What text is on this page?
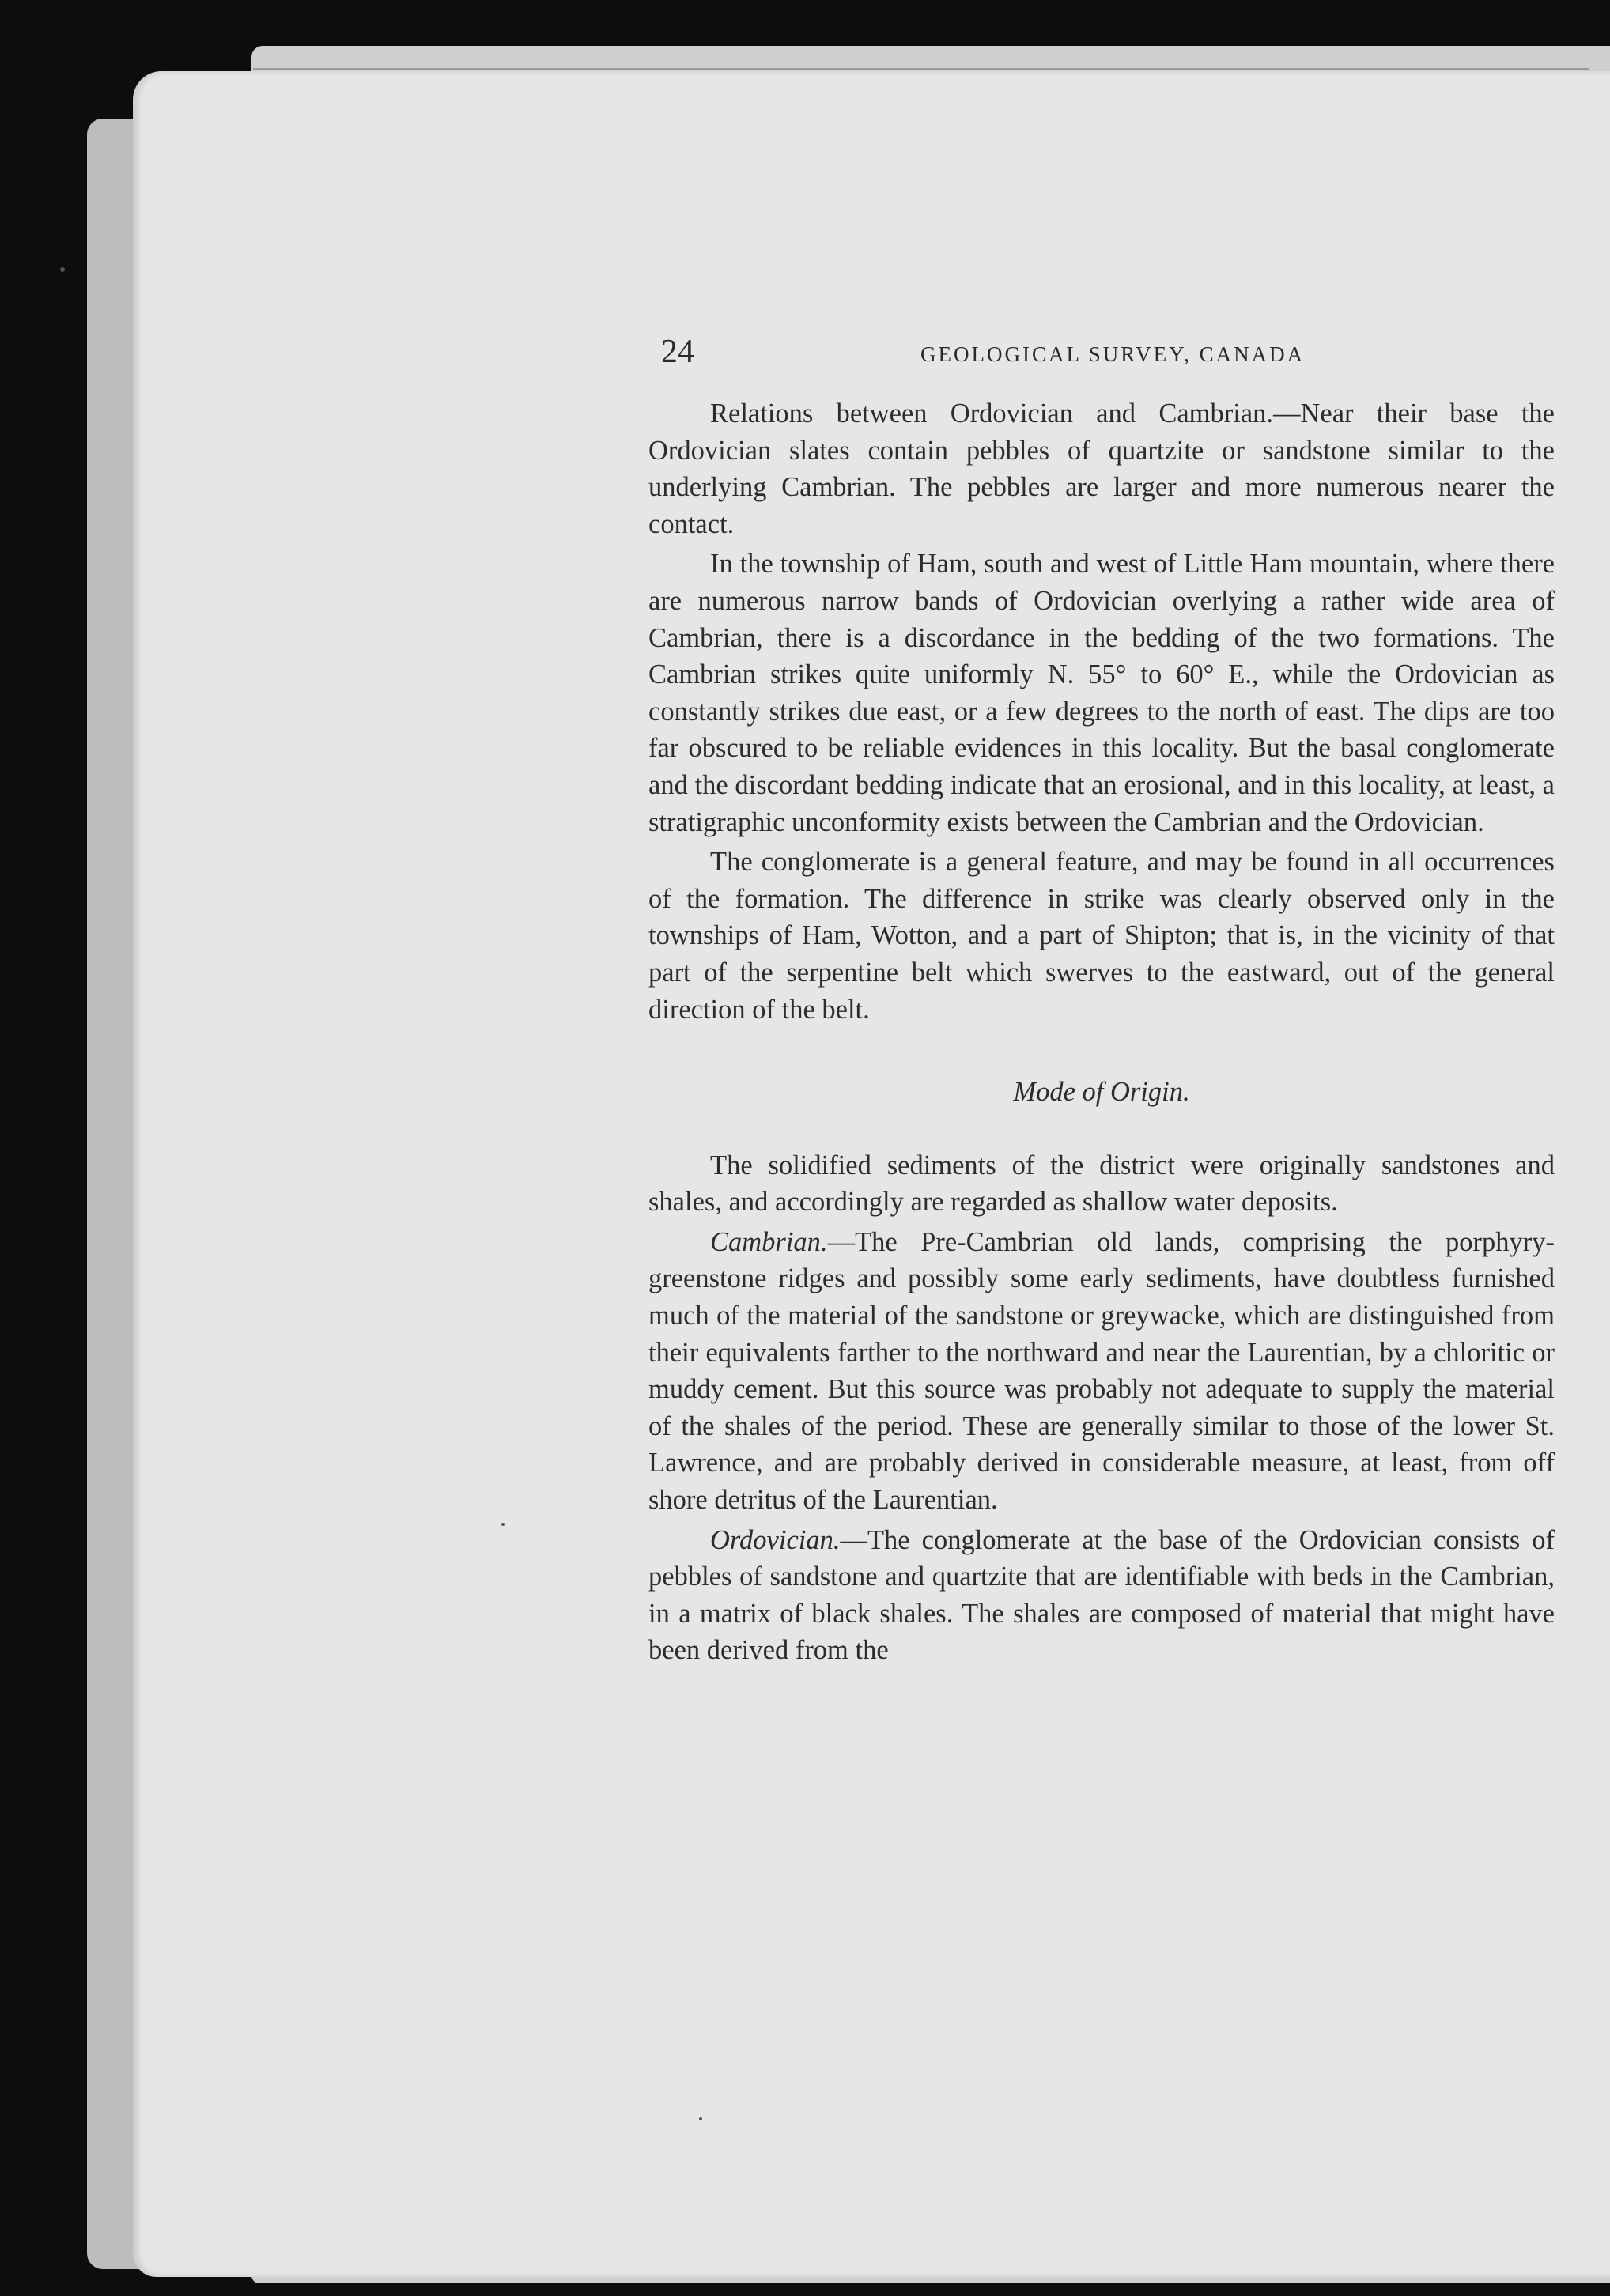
24	GEOLOGICAL SURVEY, CANADA

Relations between Ordovician and Cambrian.—Near their base the Ordovician slates contain pebbles of quartzite or sandstone similar to the underlying Cambrian. The pebbles are larger and more numerous nearer the contact.

In the township of Ham, south and west of Little Ham mountain, where there are numerous narrow bands of Ordovician overlying a rather wide area of Cambrian, there is a discordance in the bedding of the two formations. The Cambrian strikes quite uniformly N. 55° to 60° E., while the Ordovician as constantly strikes due east, or a few degrees to the north of east. The dips are too far obscured to be reliable evidences in this locality. But the basal conglomerate and the discordant bedding indicate that an erosional, and in this locality, at least, a stratigraphic unconformity exists between the Cambrian and the Ordovician.

The conglomerate is a general feature, and may be found in all occurrences of the formation. The difference in strike was clearly observed only in the townships of Ham, Wotton, and a part of Shipton; that is, in the vicinity of that part of the serpentine belt which swerves to the eastward, out of the general direction of the belt.

Mode of Origin.

The solidified sediments of the district were originally sandstones and shales, and accordingly are regarded as shallow water deposits.

Cambrian.—The Pre-Cambrian old lands, comprising the porphyry-greenstone ridges and possibly some early sediments, have doubtless furnished much of the material of the sandstone or greywacke, which are distinguished from their equivalents farther to the northward and near the Laurentian, by a chloritic or muddy cement. But this source was probably not adequate to supply the material of the shales of the period. These are generally similar to those of the lower St. Lawrence, and are probably derived in considerable measure, at least, from off shore detritus of the Laurentian.

Ordovician.—The conglomerate at the base of the Ordovician consists of pebbles of sandstone and quartzite that are identifiable with beds in the Cambrian, in a matrix of black shales. The shales are composed of material that might have been derived from the
